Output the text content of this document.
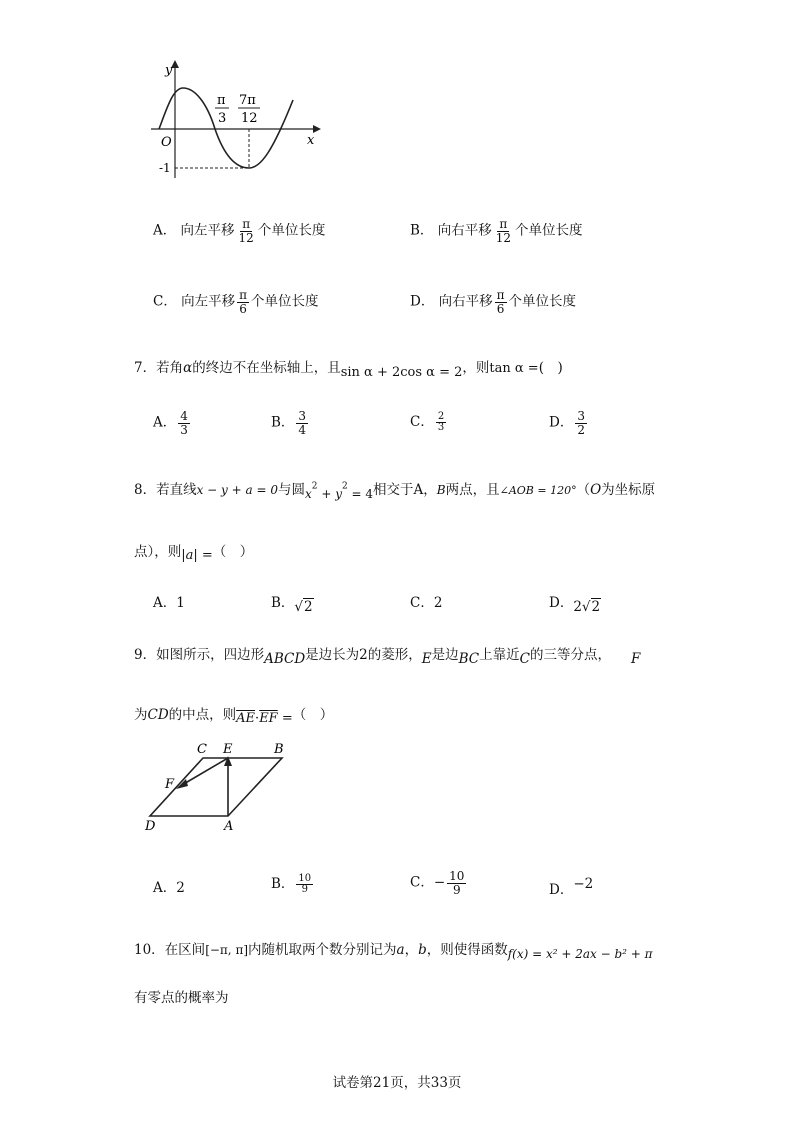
y
x
O
π
3
7π
12
-1
A． 向左平移 $\frac{\pi}{12}$ 个单位长度	B． 向右平移 $\frac{\pi}{12}$ 个单位长度
C． 向左平移 $\frac{\pi}{6}$ 个单位长度	D． 向右平移 $\frac{\pi}{6}$ 个单位长度
7．若角α的终边不在坐标轴上，且sin α + 2cos α = 2，则tan α =(　)
A． $\frac{4}{3}$	B． $\frac{3}{4}$	C． $\frac{2}{3}$	D． $\frac{3}{2}$
8．若直线x − y + a = 0与圆$x^2 + y^2 = 4$相交于A，B两点，且∠AOB = 120°（O为坐标原
点），则|a| =（　）
A．1	B．√2	C．2	D．2√2
9．如图所示，四边形ABCD是边长为2的菱形，E是边BC上靠近C的三等分点， F
为CD的中点，则$\overline{AE}\cdot\overline{EF}$ =（　）
C E	B
F
D	A
A．2	B． $\frac{10}{9}$	C．− $\frac{10}{9}$	D．−2
10．在区间[−π, π]内随机取两个数分别记为a，b，则使得函数f(x) = x² + 2ax − b² + π
有零点的概率为
试卷第21页，共33页
